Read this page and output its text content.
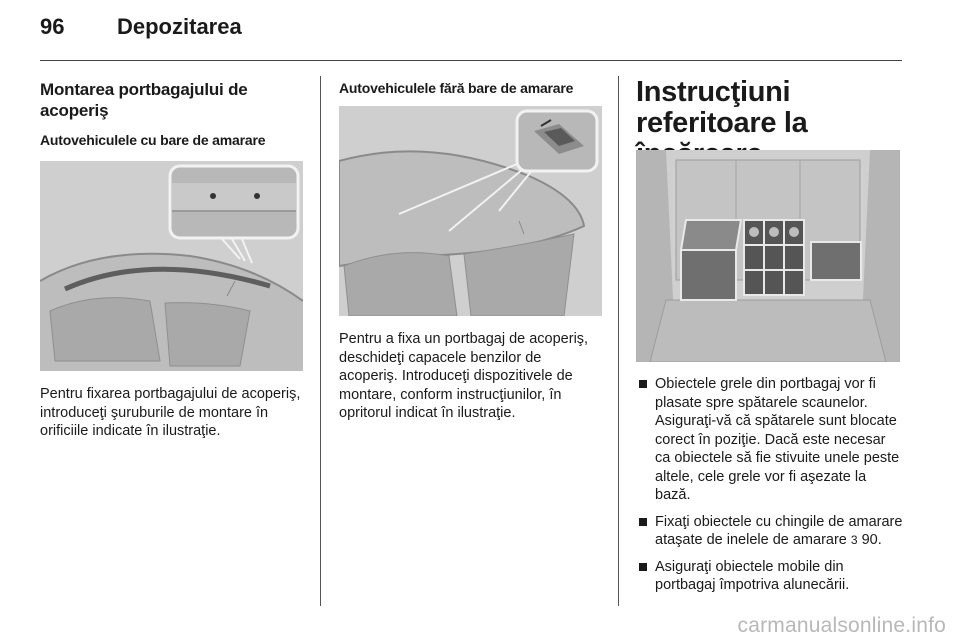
96 Depozitarea
Montarea portbagajului de acoperiş
Autovehiculele cu bare de amarare
Pentru fixarea portbagajului de acoperiş, introduceţi şuruburile de montare în orificiile indicate în ilustraţie.
Autovehiculele fără bare de amarare
Pentru a fixa un portbagaj de acoperiş, deschideţi capacele benzilor de acoperiş. Introduceţi dispozitivele de montare, conform instrucţiunilor, în opritorul indicat în ilustraţie.
Instrucţiuni referitoare la
Obiectele grele din portbagaj vor fi plasate spre spătarele scaunelor. Asiguraţi-vă că spătarele sunt blocate corect în poziţie. Dacă este necesar ca obiectele să fie stivuite unele peste altele, cele grele vor fi aşezate la bază.
Fixaţi obiectele cu chingile de amarare ataşate de inelele de amarare 3 90.
Asiguraţi obiectele mobile din portbagaj împotriva alunecării.
carmanualsonline.info
